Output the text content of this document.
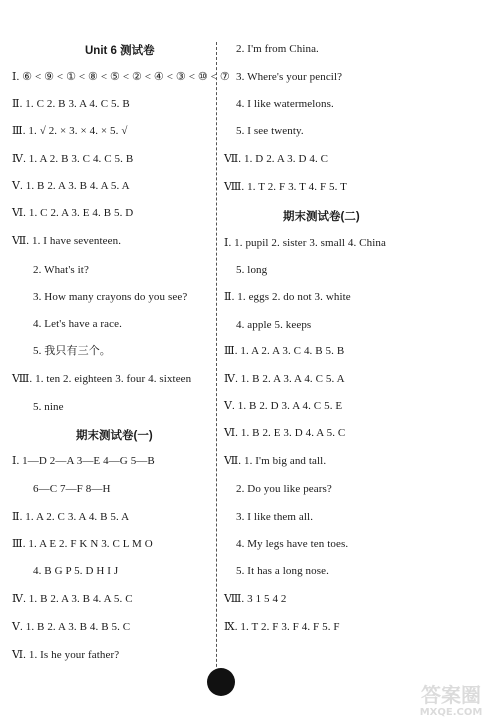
Unit 6 测试卷
Ⅰ. ⑥ < ⑨ < ① < ⑧ < ⑤ < ② < ④ < ③ < ⑩ < ⑦
Ⅱ. 1. C 2. B 3. A 4. C 5. B
Ⅲ. 1. √ 2. × 3. × 4. × 5. √
Ⅳ. 1. A 2. B 3. C 4. C 5. B
Ⅴ. 1. B 2. A 3. B 4. A 5. A
Ⅵ. 1. C 2. A 3. E 4. B 5. D
Ⅶ. 1. I have seventeen.
2. What's it?
3. How many crayons do you see?
4. Let's have a race.
5. 我只有三个。
Ⅷ. 1. ten 2. eighteen 3. four 4. sixteen
5. nine
期末测试卷(一)
Ⅰ. 1—D 2—A 3—E 4—G 5—B
6—C 7—F 8—H
Ⅱ. 1. A 2. C 3. A 4. B 5. A
Ⅲ. 1. A E 2. F K N 3. C L M O
4. B G P 5. D H I J
Ⅳ. 1. B 2. A 3. B 4. A 5. C
Ⅴ. 1. B 2. A 3. B 4. B 5. C
Ⅵ. 1. Is he your father?
2. I'm from China.
3. Where's your pencil?
4. I like watermelons.
5. I see twenty.
Ⅶ. 1. D 2. A 3. D 4. C
Ⅷ. 1. T 2. F 3. T 4. F 5. T
期末测试卷(二)
Ⅰ. 1. pupil 2. sister 3. small 4. China
5. long
Ⅱ. 1. eggs 2. do not 3. white
4. apple 5. keeps
Ⅲ. 1. A 2. A 3. C 4. B 5. B
Ⅳ. 1. B 2. A 3. A 4. C 5. A
Ⅴ. 1. B 2. D 3. A 4. C 5. E
Ⅵ. 1. B 2. E 3. D 4. A 5. C
Ⅶ. 1. I'm big and tall.
2. Do you like pears?
3. I like them all.
4. My legs have ten toes.
5. It has a long nose.
Ⅷ. 3 1 5 4 2
Ⅸ. 1. T 2. F 3. F 4. F 5. F
答案圈
MXQE.COM
